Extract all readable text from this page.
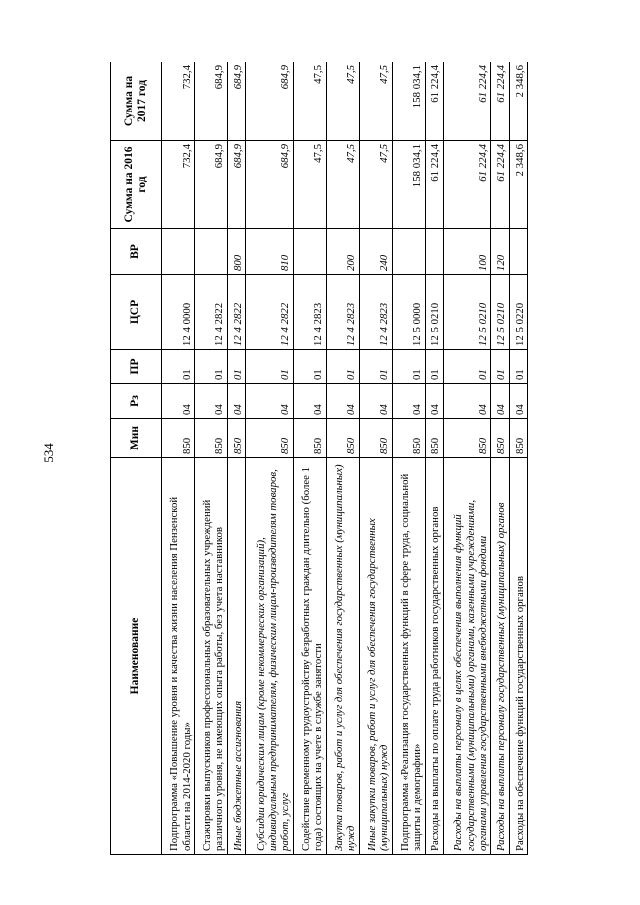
534
Наименование	Мин	Рз	ПР	ЦСР	ВР	Сумма на 2016 год	Сумма на 2017 год
Подпрограмма «Повышение уровня и качества жизни населения Пензенской области на 2014-2020 годы»	850	04	01	12 4 0000		732,4	732,4
Стажировки выпускников профессиональных образовательных учреждений различного уровня, не имеющих опыта работы, без учета наставников	850	04	01	12 4 2822		684,9	684,9
Иные бюджетные ассигнования	850	04	01	12 4 2822	800	684,9	684,9
Субсидии юридическим лицам (кроме некоммерческих организаций), индивидуальным предпринимателям, физическим лицам-производителям товаров, работ, услуг	850	04	01	12 4 2822	810	684,9	684,9
Содействие временному трудоустройству безработных граждан длительно (более 1 года) состоящих на учете в службе занятости	850	04	01	12 4 2823		47,5	47,5
Закупка товаров, работ и услуг для обеспечения государственных (муниципальных) нужд	850	04	01	12 4 2823	200	47,5	47,5
Иные закупки товаров, работ и услуг для обеспечения государственных (муниципальных) нужд	850	04	01	12 4 2823	240	47,5	47,5
Подпрограмма «Реализация государственных функций в сфере труда, социальной защиты и демографии»	850	04	01	12 5 0000		158 034,1	158 034,1
Расходы на выплаты по оплате труда работников государственных органов	850	04	01	12 5 0210		61 224,4	61 224,4
Расходы на выплаты персоналу в целях обеспечения выполнения функций государственными (муниципальными) органами, казенными учреждениями, органами управления государственными внебюджетными фондами	850	04	01	12 5 0210	100	61 224,4	61 224,4
Расходы на выплаты персоналу государственных (муниципальных) органов	850	04	01	12 5 0210	120	61 224,4	61 224,4
Расходы на обеспечение функций государственных органов	850	04	01	12 5 0220		2 348,6	2 348,6
